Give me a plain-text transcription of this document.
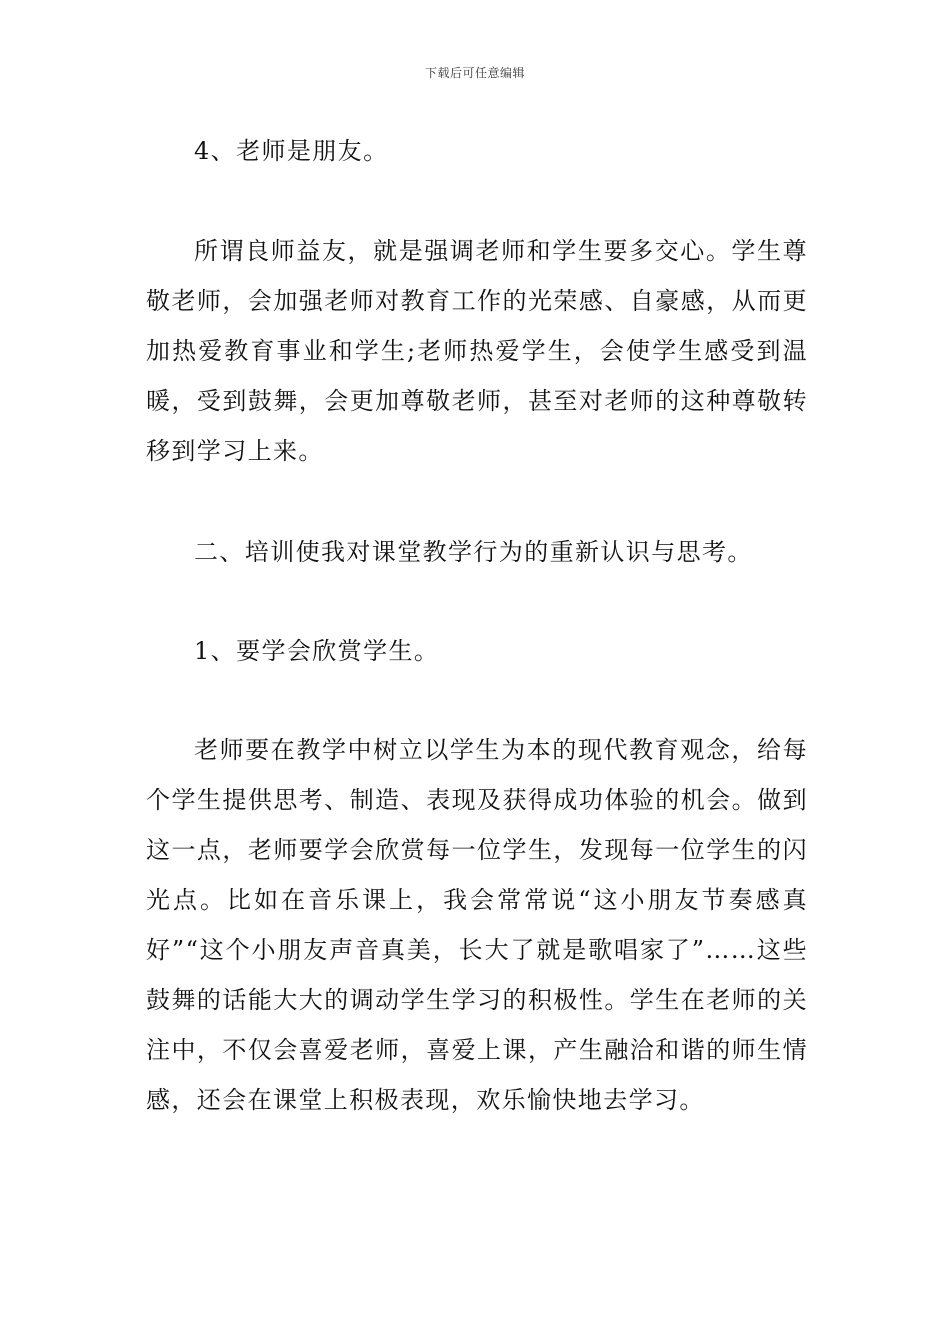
下载后可任意编辑

4、老师是朋友。

所谓良师益友，就是强调老师和学生要多交心。学生尊敬老师，会加强老师对教育工作的光荣感、自豪感，从而更加热爱教育事业和学生;老师热爱学生，会使学生感受到温暖，受到鼓舞，会更加尊敬老师，甚至对老师的这种尊敬转移到学习上来。

二、培训使我对课堂教学行为的重新认识与思考。

1、要学会欣赏学生。

老师要在教学中树立以学生为本的现代教育观念，给每个学生提供思考、制造、表现及获得成功体验的机会。做到这一点，老师要学会欣赏每一位学生，发现每一位学生的闪光点。比如在音乐课上，我会常常说“这小朋友节奏感真好”“这个小朋友声音真美，长大了就是歌唱家了”……这些鼓舞的话能大大的调动学生学习的积极性。学生在老师的关注中，不仅会喜爱老师，喜爱上课，产生融洽和谐的师生情感，还会在课堂上积极表现，欢乐愉快地去学习。
